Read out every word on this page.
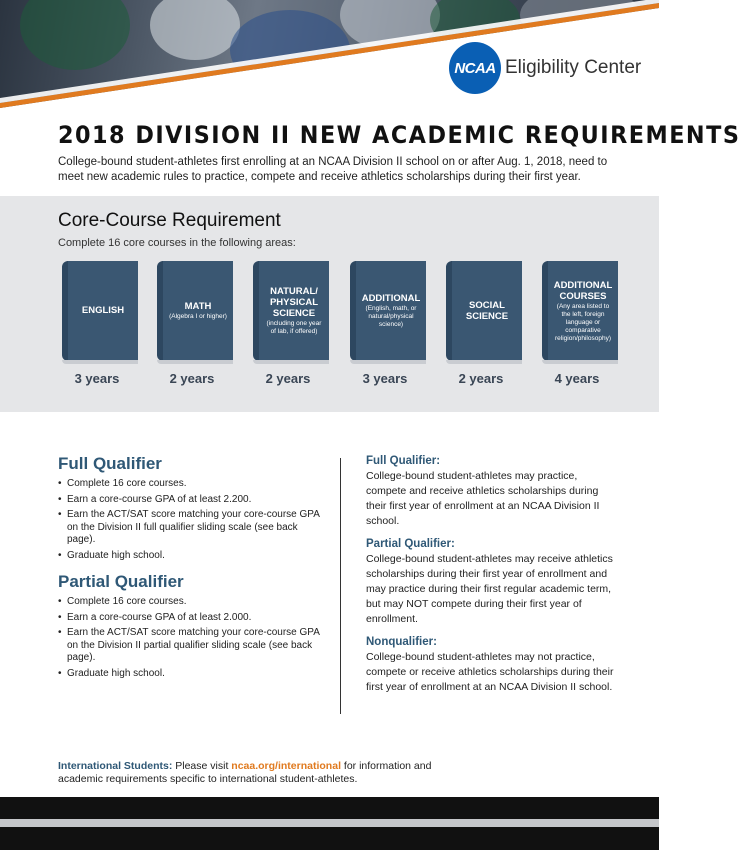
NCAA Eligibility Center
2018 DIVISION II NEW ACADEMIC REQUIREMENTS

College-bound student-athletes first enrolling at an NCAA Division II school on or after Aug. 1, 2018, need to meet new academic rules to practice, compete and receive athletics scholarships during their first year.

Core-Course Requirement
Complete 16 core courses in the following areas:
ENGLISH
3 years
MATH
(Algebra I or higher)
2 years
NATURAL/ PHYSICAL SCIENCE
(including one year of lab, if offered)
2 years
ADDITIONAL
(English, math, or natural/physical science)
3 years
SOCIAL SCIENCE
2 years
ADDITIONAL COURSES
(Any area listed to the left, foreign language or comparative religion/philosophy)
4 years
Full Qualifier
• Complete 16 core courses.
• Earn a core-course GPA of at least 2.200.
• Earn the ACT/SAT score matching your core-course GPA on the Division II full qualifier sliding scale (see back page).
• Graduate high school.
Partial Qualifier
• Complete 16 core courses.
• Earn a core-course GPA of at least 2.000.
• Earn the ACT/SAT score matching your core-course GPA on the Division II partial qualifier sliding scale (see back page).
• Graduate high school.
Full Qualifier:

College-bound student-athletes may practice, compete and receive athletics scholarships during their first year of enrollment at an NCAA Division II school.

Partial Qualifier:

College-bound student-athletes may receive athletics scholarships during their first year of enrollment and may practice during their first regular academic term, but may NOT compete during their first year of enrollment.

Nonqualifier:

College-bound student-athletes may not practice, compete or receive athletics scholarships during their first year of enrollment at an NCAA Division II school.

International Students: Please visit ncaa.org/international for information and academic requirements specific to international student-athletes.
